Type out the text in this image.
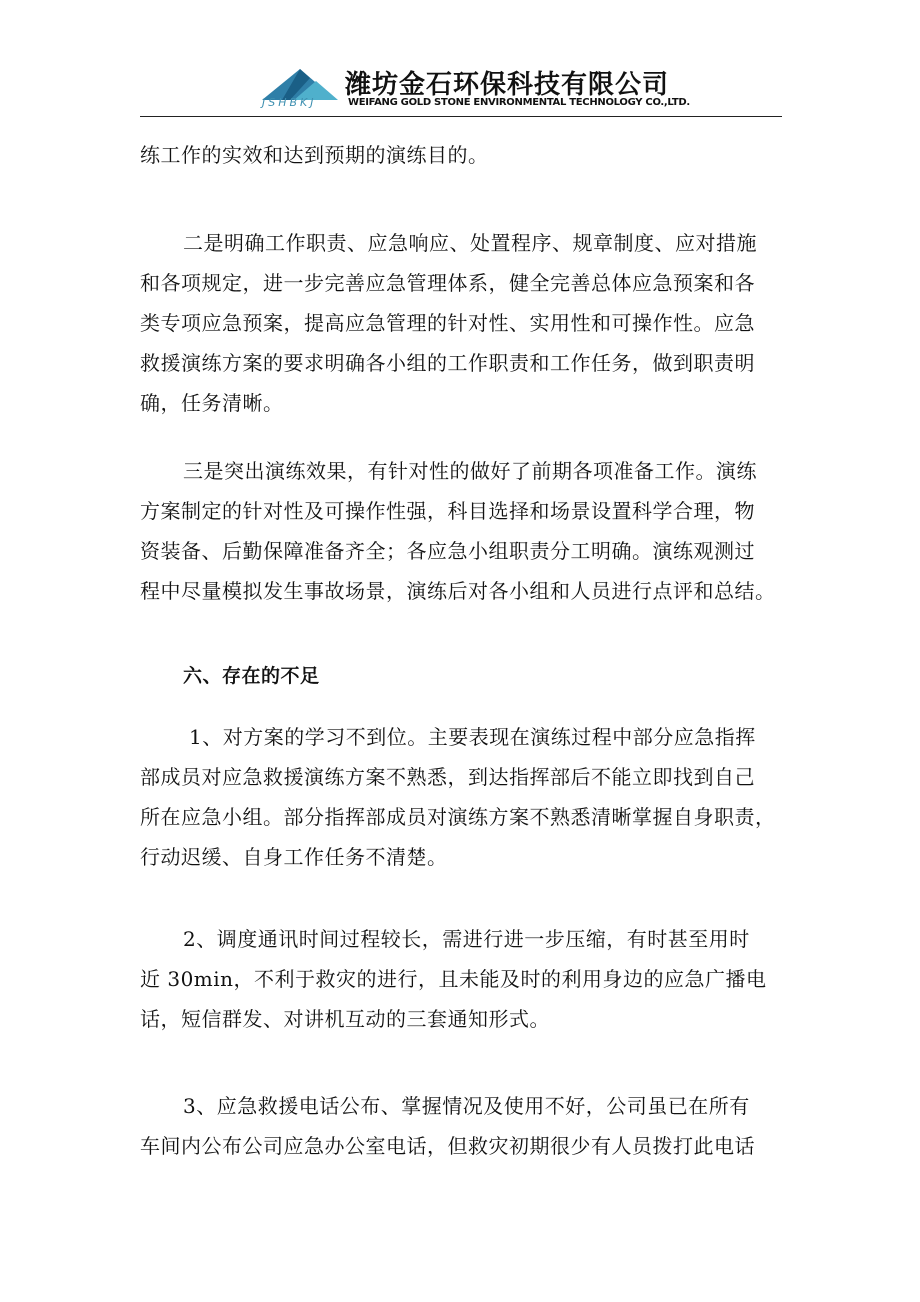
JSHBKJ
潍坊金石环保科技有限公司
WEIFANG GOLD STONE ENVIRONMENTAL TECHNOLOGY CO.,LTD.
练工作的实效和达到预期的演练目的。
二是明确工作职责、应急响应、处置程序、规章制度、应对措施
和各项规定，进一步完善应急管理体系，健全完善总体应急预案和各
类专项应急预案，提高应急管理的针对性、实用性和可操作性。应急
救援演练方案的要求明确各小组的工作职责和工作任务，做到职责明
确，任务清晰。
三是突出演练效果，有针对性的做好了前期各项准备工作。演练
方案制定的针对性及可操作性强，科目选择和场景设置科学合理，物
资装备、后勤保障准备齐全；各应急小组职责分工明确。演练观测过
程中尽量模拟发生事故场景，演练后对各小组和人员进行点评和总结。
六、存在的不足
1、对方案的学习不到位。主要表现在演练过程中部分应急指挥
部成员对应急救援演练方案不熟悉，到达指挥部后不能立即找到自己
所在应急小组。部分指挥部成员对演练方案不熟悉清晰掌握自身职责，
行动迟缓、自身工作任务不清楚。
2、调度通讯时间过程较长，需进行进一步压缩，有时甚至用时
近 30min，不利于救灾的进行，且未能及时的利用身边的应急广播电
话，短信群发、对讲机互动的三套通知形式。
3、应急救援电话公布、掌握情况及使用不好，公司虽已在所有
车间内公布公司应急办公室电话，但救灾初期很少有人员拨打此电话
